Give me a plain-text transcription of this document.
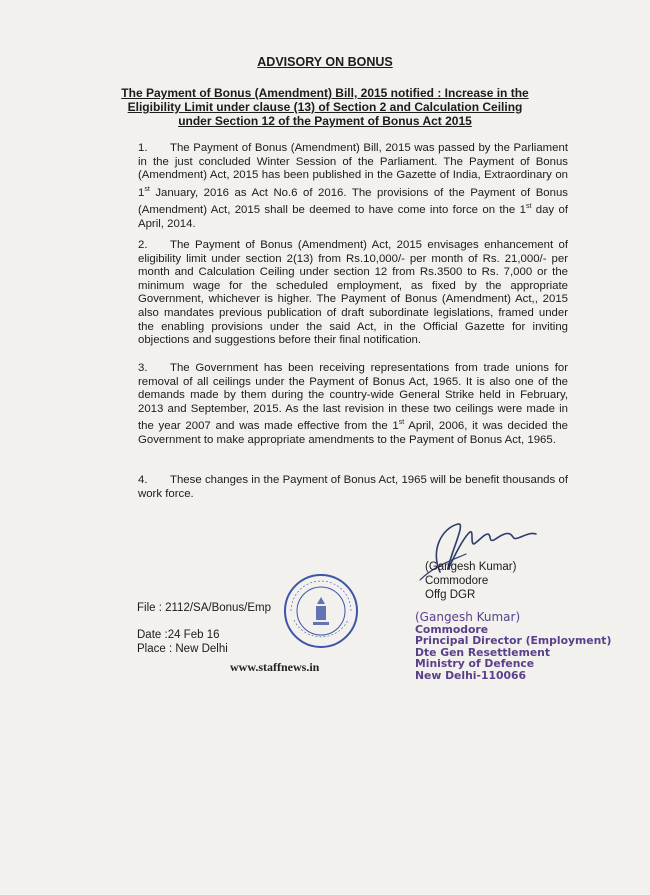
ADVISORY ON BONUS
The Payment of Bonus (Amendment) Bill, 2015 notified : Increase in the Eligibility Limit under clause (13) of Section 2 and Calculation Ceiling under Section 12 of the Payment of Bonus Act 2015

1. The Payment of Bonus (Amendment) Bill, 2015 was passed by the Parliament in the just concluded Winter Session of the Parliament. The Payment of Bonus (Amendment) Act, 2015 has been published in the Gazette of India, Extraordinary on 1st January, 2016 as Act No.6 of 2016. The provisions of the Payment of Bonus (Amendment) Act, 2015 shall be deemed to have come into force on the 1st day of April, 2014.

2. The Payment of Bonus (Amendment) Act, 2015 envisages enhancement of eligibility limit under section 2(13) from Rs.10,000/- per month of Rs. 21,000/- per month and Calculation Ceiling under section 12 from Rs.3500 to Rs. 7,000 or the minimum wage for the scheduled employment, as fixed by the appropriate Government, whichever is higher. The Payment of Bonus (Amendment) Act,, 2015 also mandates previous publication of draft subordinate legislations, framed under the enabling provisions under the said Act, in the Official Gazette for inviting objections and suggestions before their final notification.

3. The Government has been receiving representations from trade unions for removal of all ceilings under the Payment of Bonus Act, 1965. It is also one of the demands made by them during the country-wide General Strike held in February, 2013 and September, 2015. As the last revision in these two ceilings were made in the year 2007 and was made effective from the 1st April, 2006, it was decided the Government to make appropriate amendments to the Payment of Bonus Act, 1965.

4. These changes in the Payment of Bonus Act, 1965 will be benefit thousands of work force.

(Gangesh Kumar)
Commodore
Offg DGR
File : 2112/SA/Bonus/Emp
Date :24 Feb 16
Place : New Delhi
(Gangesh Kumar)
Commodore
Principal Director (Employment)
Dte Gen Resettlement
Ministry of Defence
New Delhi-110066
www.staffnews.in
